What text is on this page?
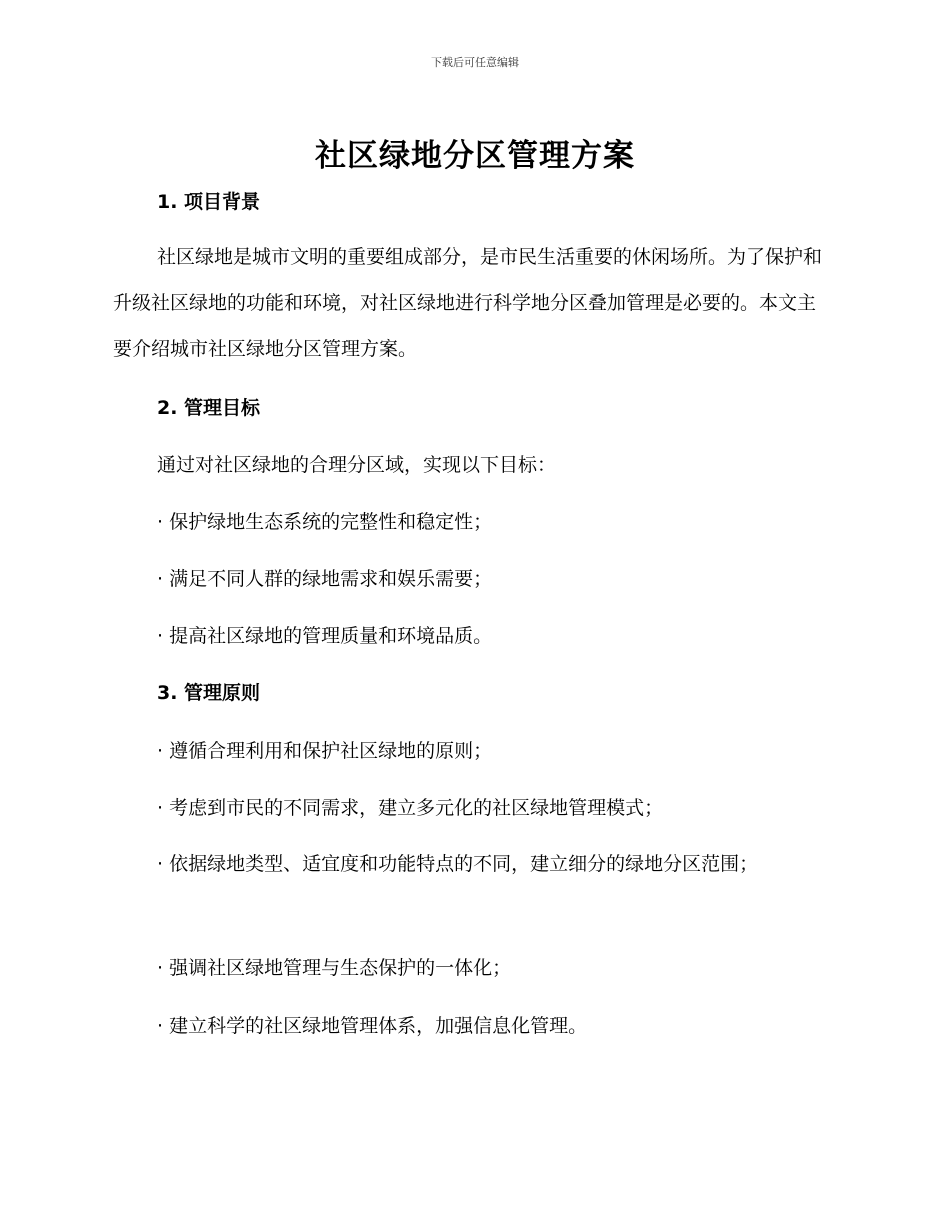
下载后可任意编辑
社区绿地分区管理方案
1. 项目背景

社区绿地是城市文明的重要组成部分，是市民生活重要的休闲场所。为了保护和升级社区绿地的功能和环境，对社区绿地进行科学地分区叠加管理是必要的。本文主要介绍城市社区绿地分区管理方案。

2. 管理目标

通过对社区绿地的合理分区域，实现以下目标：

· 保护绿地生态系统的完整性和稳定性；

· 满足不同人群的绿地需求和娱乐需要；

· 提高社区绿地的管理质量和环境品质。

3. 管理原则

· 遵循合理利用和保护社区绿地的原则；

· 考虑到市民的不同需求，建立多元化的社区绿地管理模式；

· 依据绿地类型、适宜度和功能特点的不同，建立细分的绿地分区范围；

· 强调社区绿地管理与生态保护的一体化；

· 建立科学的社区绿地管理体系，加强信息化管理。
